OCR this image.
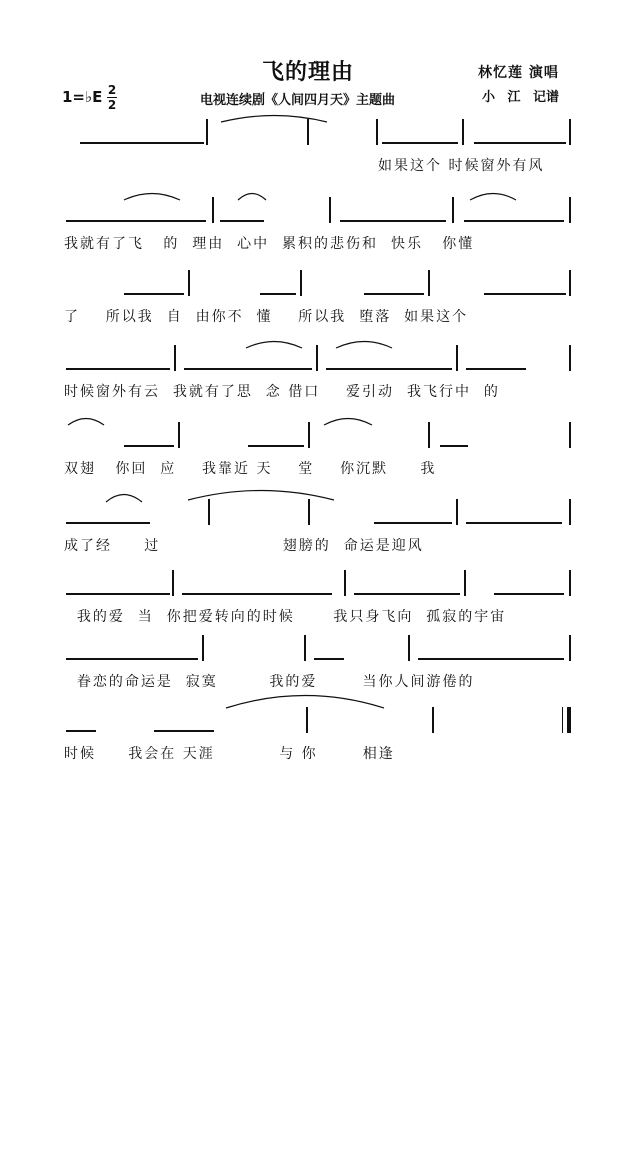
飞的理由	林忆莲 演唱
小 江 记谱
1=♭E 2
2	电视连续剧《人间四月天》主题曲

如果这个 时候窗外有风

我就有了飞   的  理由  心中  累积的悲伤和  快乐   你懂

了    所以我  自  由你不  懂    所以我  堕落  如果这个

时候窗外有云  我就有了思  念 借口    爱引动  我飞行中  的

双翅   你回  应    我靠近 天    堂    你沉默     我

成了经     过                   翅膀的  命运是迎风

我的爱  当  你把爱转向的时候      我只身飞向  孤寂的宇宙

眷恋的命运是  寂寞        我的爱       当你人间游倦的

时候     我会在 天涯          与 你       相逢
